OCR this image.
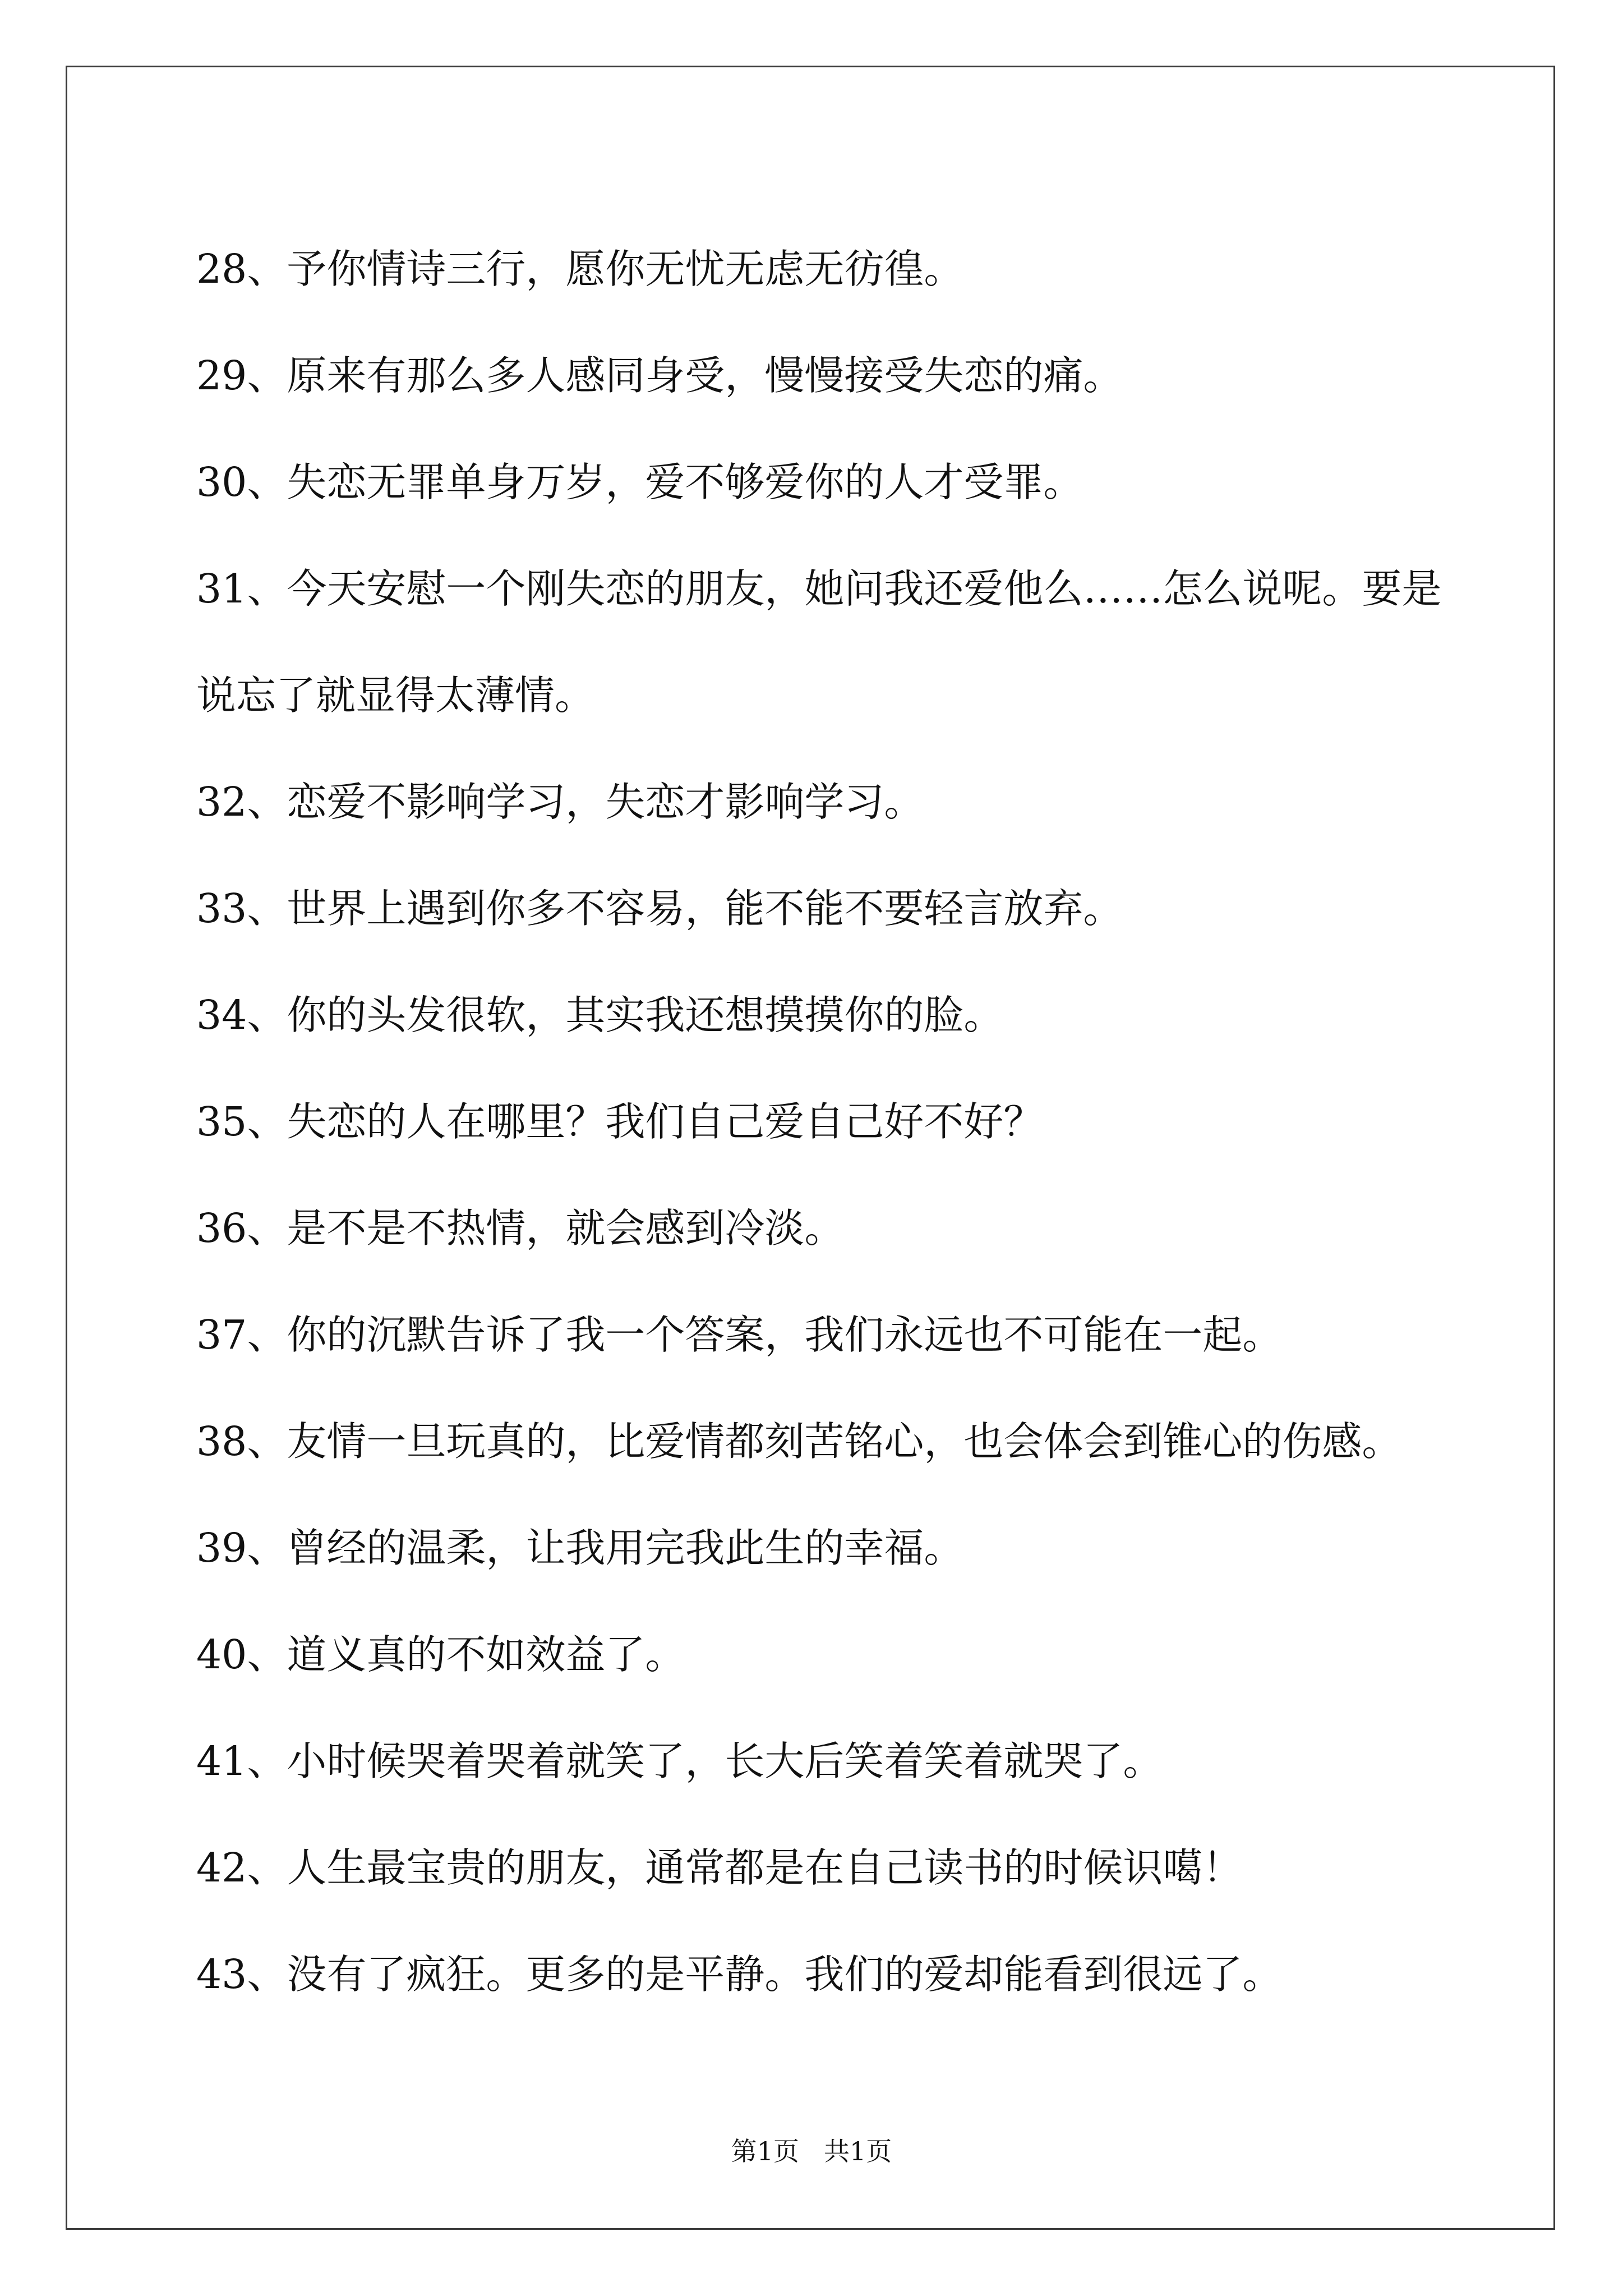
28、予你情诗三行，愿你无忧无虑无彷徨。

29、原来有那么多人感同身受，慢慢接受失恋的痛。

30、失恋无罪单身万岁，爱不够爱你的人才受罪。

31、今天安慰一个刚失恋的朋友，她问我还爱他么……怎么说呢。要是说忘了就显得太薄情。

32、恋爱不影响学习，失恋才影响学习。

33、世界上遇到你多不容易，能不能不要轻言放弃。

34、你的头发很软，其实我还想摸摸你的脸。

35、失恋的人在哪里？我们自己爱自己好不好？

36、是不是不热情，就会感到冷淡。

37、你的沉默告诉了我一个答案，我们永远也不可能在一起。

38、友情一旦玩真的，比爱情都刻苦铭心，也会体会到锥心的伤感。

39、曾经的温柔，让我用完我此生的幸福。

40、道义真的不如效益了。

41、小时候哭着哭着就笑了，长大后笑着笑着就哭了。

42、人生最宝贵的朋友，通常都是在自己读书的时候识噶！

43、没有了疯狂。更多的是平静。我们的爱却能看到很远了。

第1页 共1页
